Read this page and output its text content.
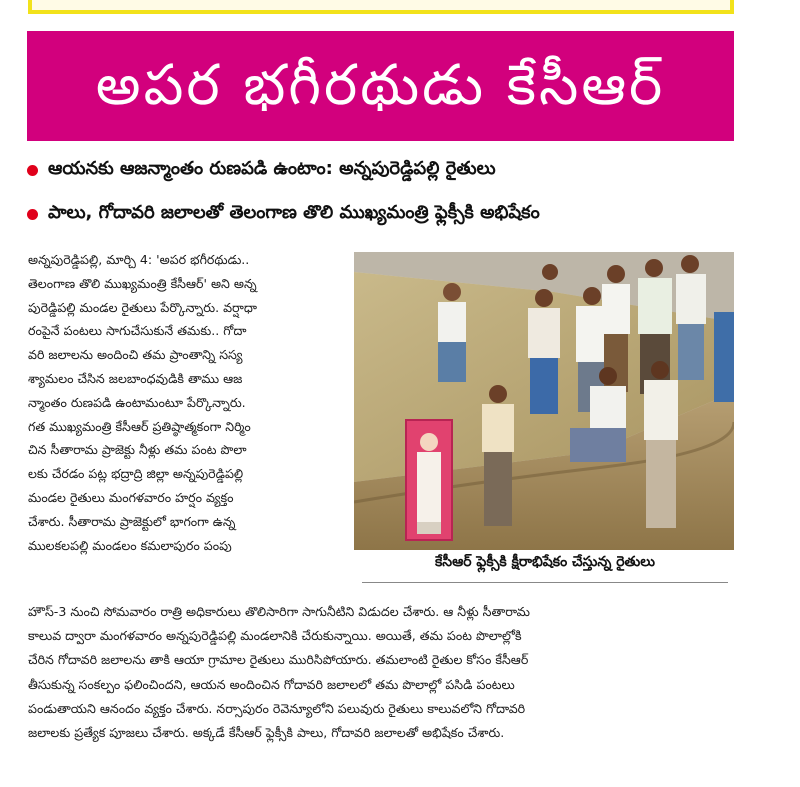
అపర భగీరథుడు కేసీఆర్
ఆయనకు ఆజన్మాంతం రుణపడి ఉంటాం: అన్నపురెడ్డిపల్లి రైతులు
పాలు, గోదావరి జలాలతో తెలంగాణ తొలి ముఖ్యమంత్రి ఫ్లెక్సీకి అభిషేకం
అన్నపురెడ్డిపల్లి, మార్చి 4: 'అపర భగీరథుడు..
తెలంగాణ తొలి ముఖ్యమంత్రి కేసీఆర్' అని అన్న
పురెడ్డిపల్లి మండల రైతులు పేర్కొన్నారు. వర్షాధా
రంపైనే పంటలు సాగుచేసుకునే తమకు.. గోదా
వరి జలాలను అందించి తమ ప్రాంతాన్ని సస్య
శ్యామలం చేసిన జలబాంధవుడికి తాము ఆజ
న్మాంతం రుణపడి ఉంటామంటూ పేర్కొన్నారు.
గత ముఖ్యమంత్రి కేసీఆర్ ప్రతిష్ఠాత్మకంగా నిర్మిం
చిన సీతారామ ప్రాజెక్టు నీళ్లు తమ పంట పొలా
లకు చేరడం పట్ల భద్రాద్రి జిల్లా అన్నపురెడ్డిపల్లి
మండల రైతులు మంగళవారం హర్షం వ్యక్తం
చేశారు. సీతారామ ప్రాజెక్టులో భాగంగా ఉన్న
ములకలపల్లి మండలం కమలాపురం పంపు
కేసీఆర్ ఫ్లెక్సీకి క్షీరాభిషేకం చేస్తున్న రైతులు
హౌస్-3 నుంచి సోమవారం రాత్రి అధికారులు తొలిసారిగా సాగునీటిని విడుదల చేశారు. ఆ నీళ్లు సీతారామ
కాలువ ద్వారా మంగళవారం అన్నపురెడ్డిపల్లి మండలానికి చేరుకున్నాయి. అయితే, తమ పంట పొలాల్లోకి
చేరిన గోదావరి జలాలను తాకి ఆయా గ్రామాల రైతులు మురిసిపోయారు. తమలాంటి రైతుల కోసం కేసీఆర్
తీసుకున్న సంకల్పం ఫలించిందని, ఆయన అందించిన గోదావరి జలాలలో తమ పొలాల్లో పసిడి పంటలు
పండుతాయని ఆనందం వ్యక్తం చేశారు. నర్సాపురం రెవెన్యూలోని పలువురు రైతులు కాలువలోని గోదావరి
జలాలకు ప్రత్యేక పూజలు చేశారు. అక్కడే కేసీఆర్ ఫ్లెక్సీకి పాలు, గోదావరి జలాలతో అభిషేకం చేశారు.
